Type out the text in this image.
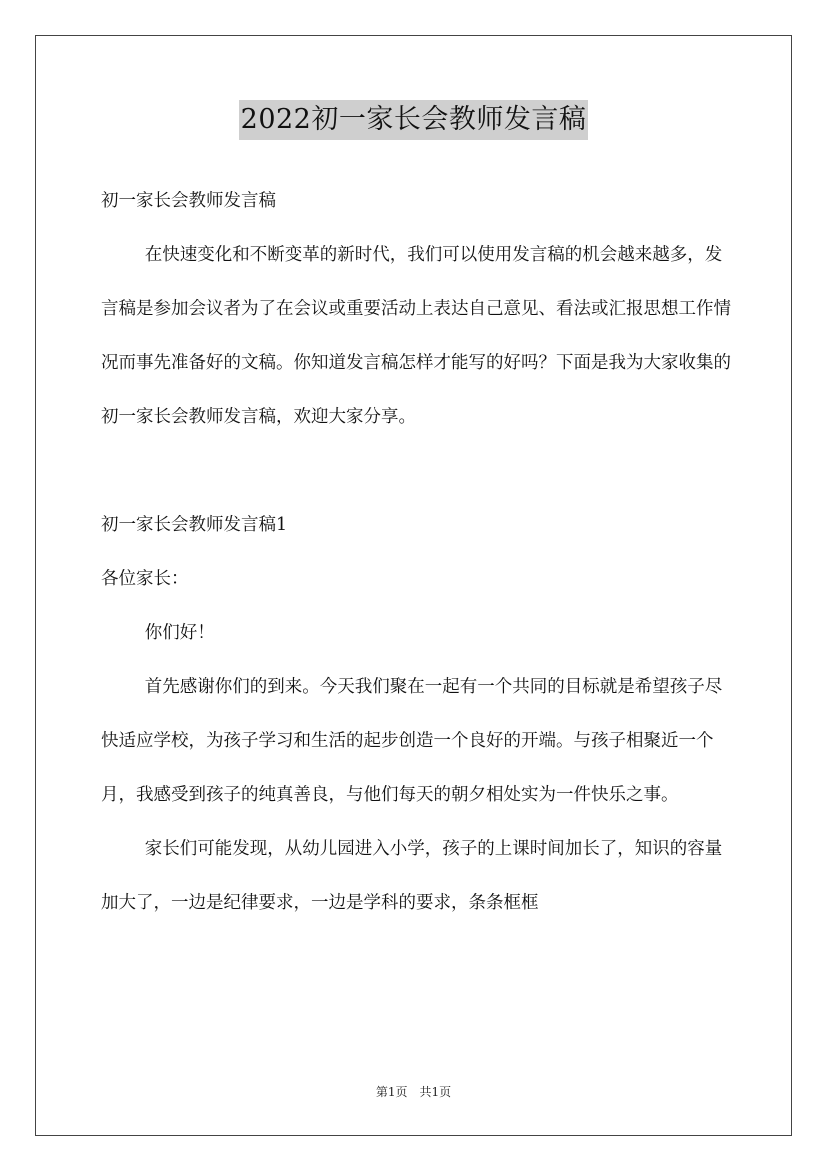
2022初一家长会教师发言稿

初一家长会教师发言稿

在快速变化和不断变革的新时代，我们可以使用发言稿的机会越来越多，发言稿是参加会议者为了在会议或重要活动上表达自己意见、看法或汇报思想工作情况而事先准备好的文稿。你知道发言稿怎样才能写的好吗？下面是我为大家收集的初一家长会教师发言稿，欢迎大家分享。

初一家长会教师发言稿1

各位家长：

你们好！

首先感谢你们的到来。今天我们聚在一起有一个共同的目标就是希望孩子尽快适应学校，为孩子学习和生活的起步创造一个良好的开端。与孩子相聚近一个月，我感受到孩子的纯真善良，与他们每天的朝夕相处实为一件快乐之事。

家长们可能发现，从幼儿园进入小学，孩子的上课时间加长了，知识的容量加大了，一边是纪律要求，一边是学科的要求，条条框框

第1页 共1页
